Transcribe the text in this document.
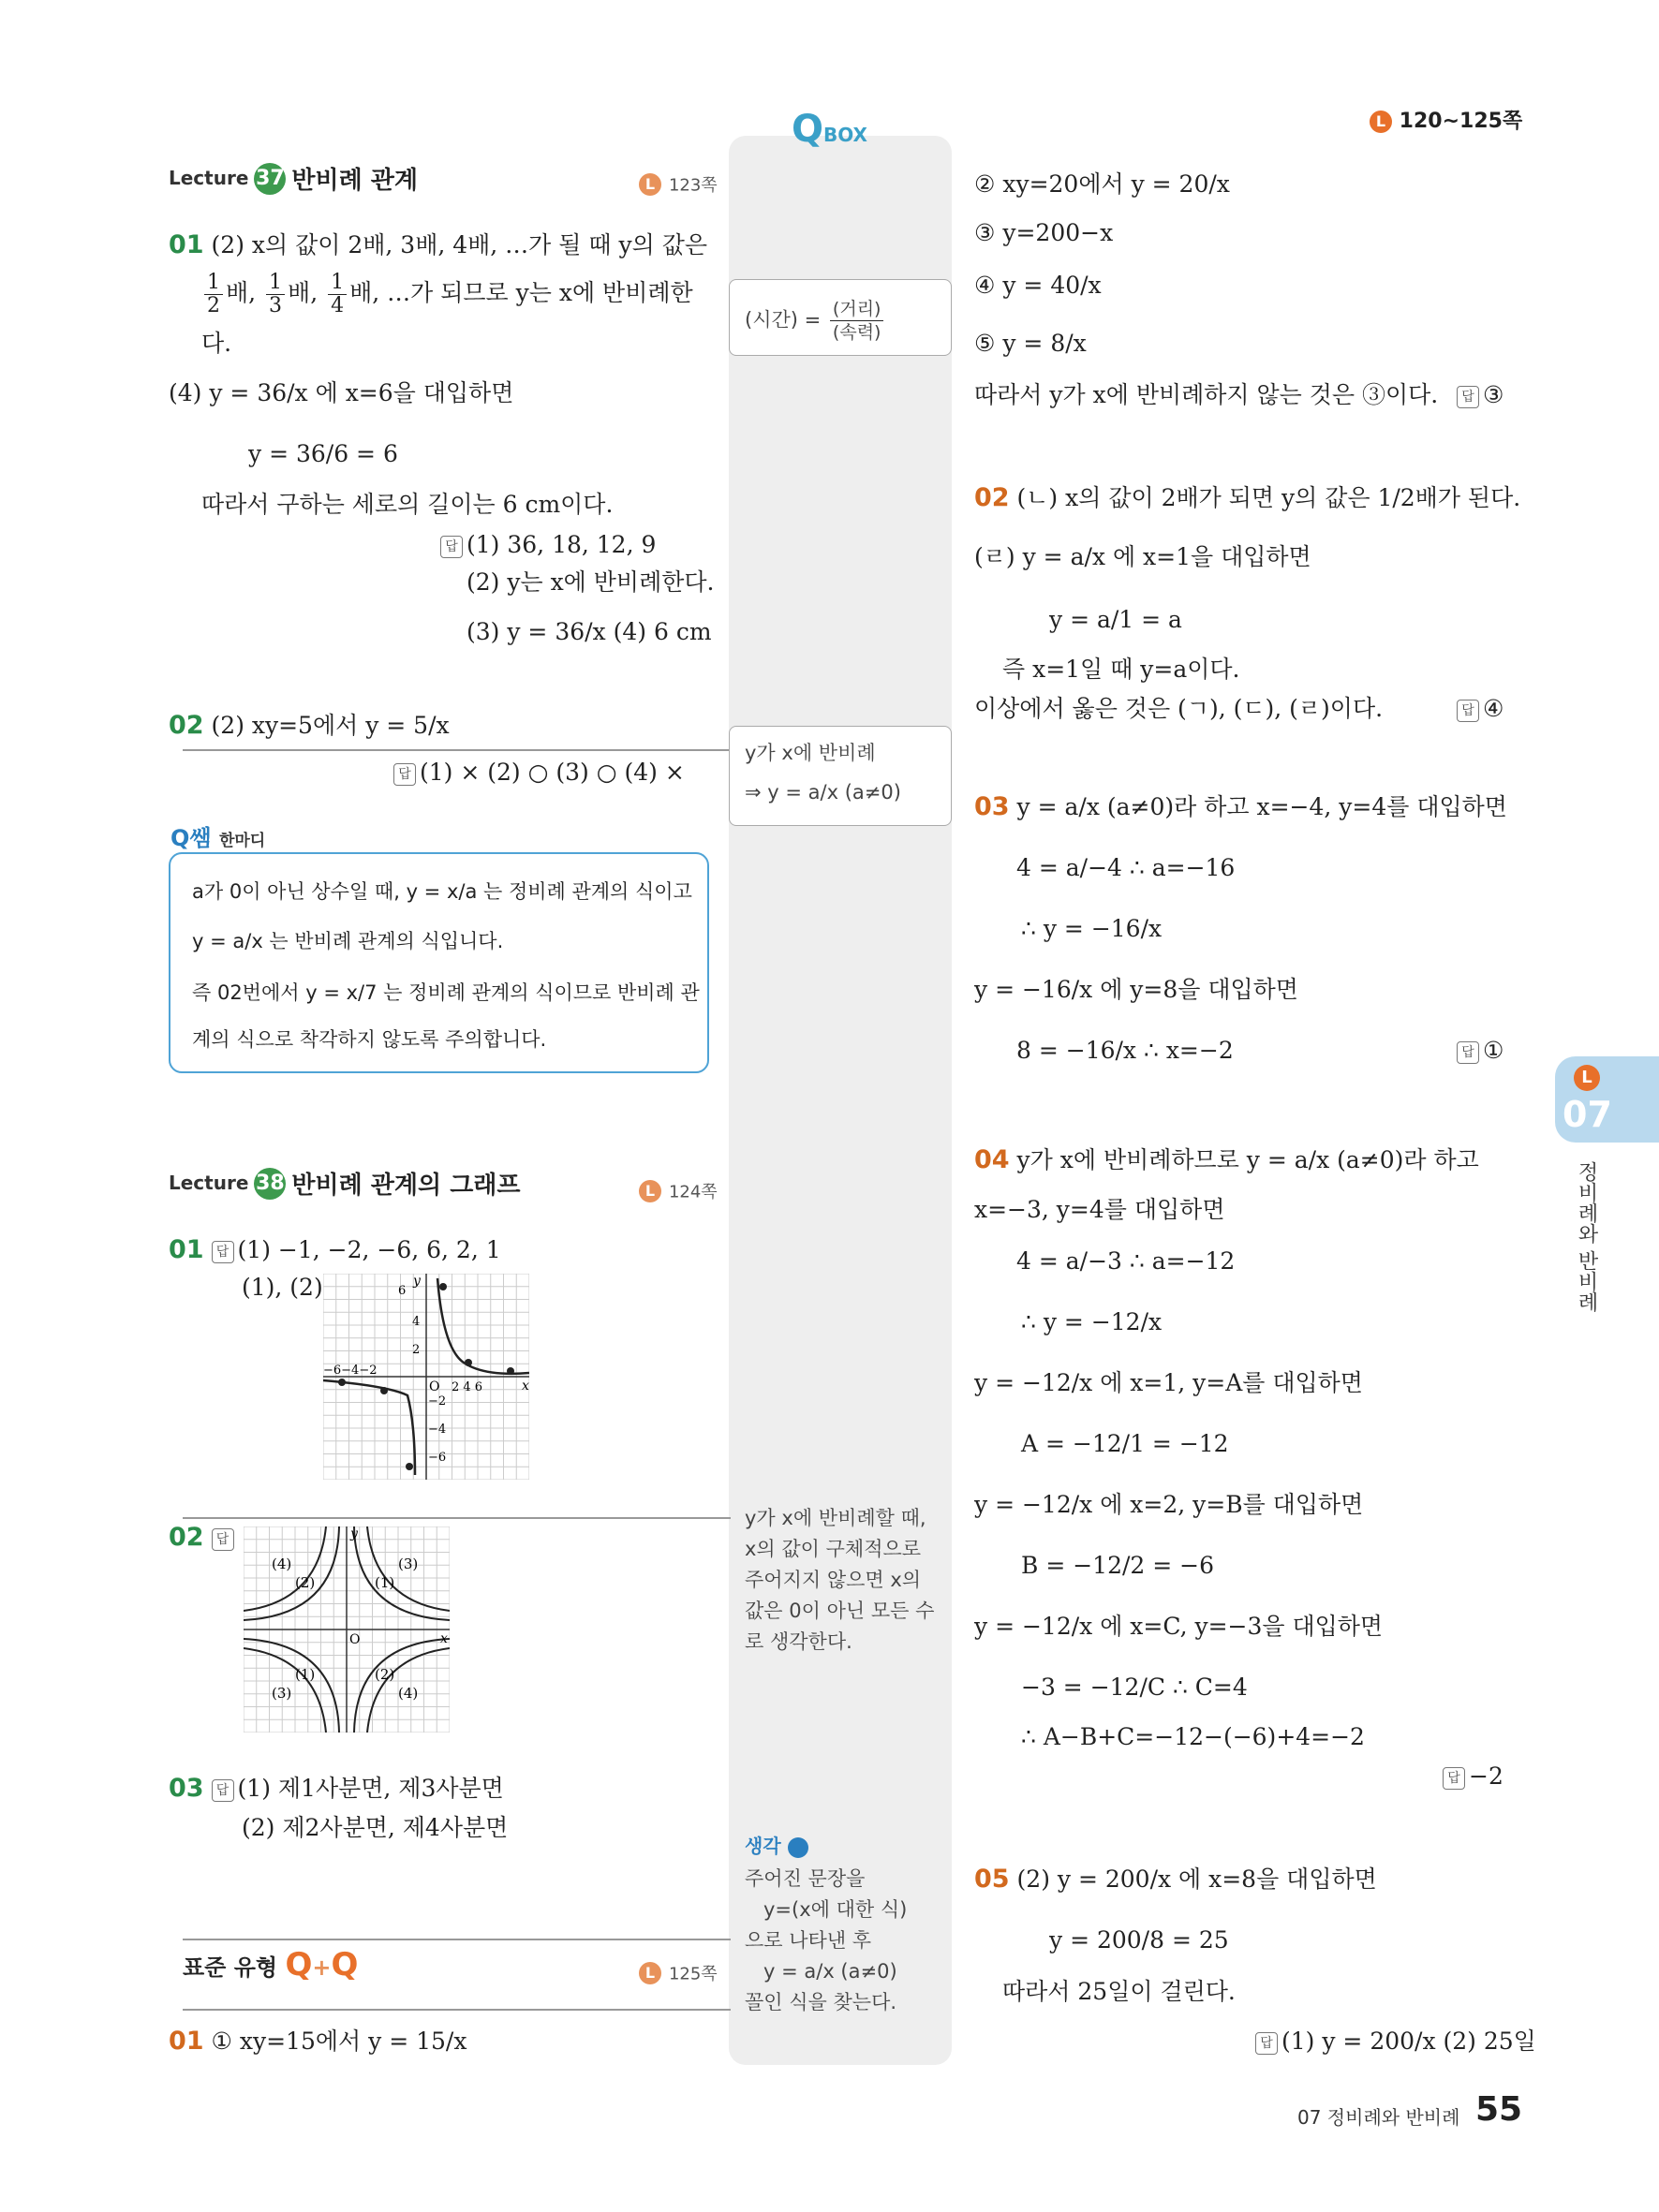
L 120~125쪽
QBOX
Lecture 37 반비례 관계	L 123쪽
01 (2) x의 값이 2배, 3배, 4배, …가 될 때 y의 값은
$\frac{1}{2}$ 배, $\frac{1}{3}$ 배, $\frac{1}{4}$ 배, …가 되므로 y는 x에 반비례한
다.
(4) y = 36/x 에 x=6을 대입하면
y = 36/6 = 6
따라서 구하는 세로의 길이는 6 cm이다.
답 (1) 36, 18, 12, 9
(2) y는 x에 반비례한다.
(3) y = 36/x (4) 6 cm
02 (2) xy=5에서 y = 5/x
답 (1) × (2) ○ (3) ○ (4) ×
Q쌤 한마디
a가 0이 아닌 상수일 때, y = x/a 는 정비례 관계의 식이고
y = a/x 는 반비례 관계의 식입니다.
즉 02번에서 y = x/7 는 정비례 관계의 식이므로 반비례 관
계의 식으로 착각하지 않도록 주의합니다.
Lecture 38 반비례 관계의 그래프	L 124쪽
01 답 (1) −1, −2, −6, 6, 2, 1
(1), (2)
O	x
y
−6−4−2
2 4 6
6
4
2
−2
−4
−6
02 답
(4)
(2)	(1)
(3)
(1)
(3)
(2)
(4)
O	x
y
03 답 (1) 제1사분면, 제3사분면
(2) 제2사분면, 제4사분면
표준 유형 Q+Q	L 125쪽
01 ① xy=15에서 y = 15/x
(시간) = $\frac{\text{(거리)}}{\text{(속력)}}$
y가 x에 반비례
⇒ y = a/x (a≠0)
y가 x에 반비례할 때,
x의 값이 구체적으로
주어지지 않으면 x의
값은 0이 아닌 모든 수
로 생각한다.
생각
주어진 문장을
y=(x에 대한 식)
으로 나타낸 후
y = a/x (a≠0)
꼴인 식을 찾는다.
② xy=20에서 y = 20/x
③ y=200−x
④ y = 40/x
⑤ y = 8/x
따라서 y가 x에 반비례하지 않는 것은 ③이다.	답 ③
02 (ㄴ) x의 값이 2배가 되면 y의 값은 1/2배가 된다.
(ㄹ) y = a/x 에 x=1을 대입하면
y = a/1 = a
즉 x=1일 때 y=a이다.
이상에서 옳은 것은 (ㄱ), (ㄷ), (ㄹ)이다.	답 ④
03 y = a/x (a≠0)라 하고 x=−4, y=4를 대입하면
4 = a/−4 ∴ a=−16
∴ y = −16/x
y = −16/x 에 y=8을 대입하면
8 = −16/x ∴ x=−2	답 ①
04 y가 x에 반비례하므로 y = a/x (a≠0)라 하고
x=−3, y=4를 대입하면
4 = a/−3 ∴ a=−12
∴ y = −12/x
y = −12/x 에 x=1, y=A를 대입하면
A = −12/1 = −12
y = −12/x 에 x=2, y=B를 대입하면
B = −12/2 = −6
y = −12/x 에 x=C, y=−3을 대입하면
−3 = −12/C ∴ C=4
∴ A−B+C=−12−(−6)+4=−2
답 −2
05 (2) y = 200/x 에 x=8을 대입하면
y = 200/8 = 25
따라서 25일이 걸린다.
답 (1) y = 200/x (2) 25일
L
07
정비례와 반비례
07 정비례와 반비례 55
